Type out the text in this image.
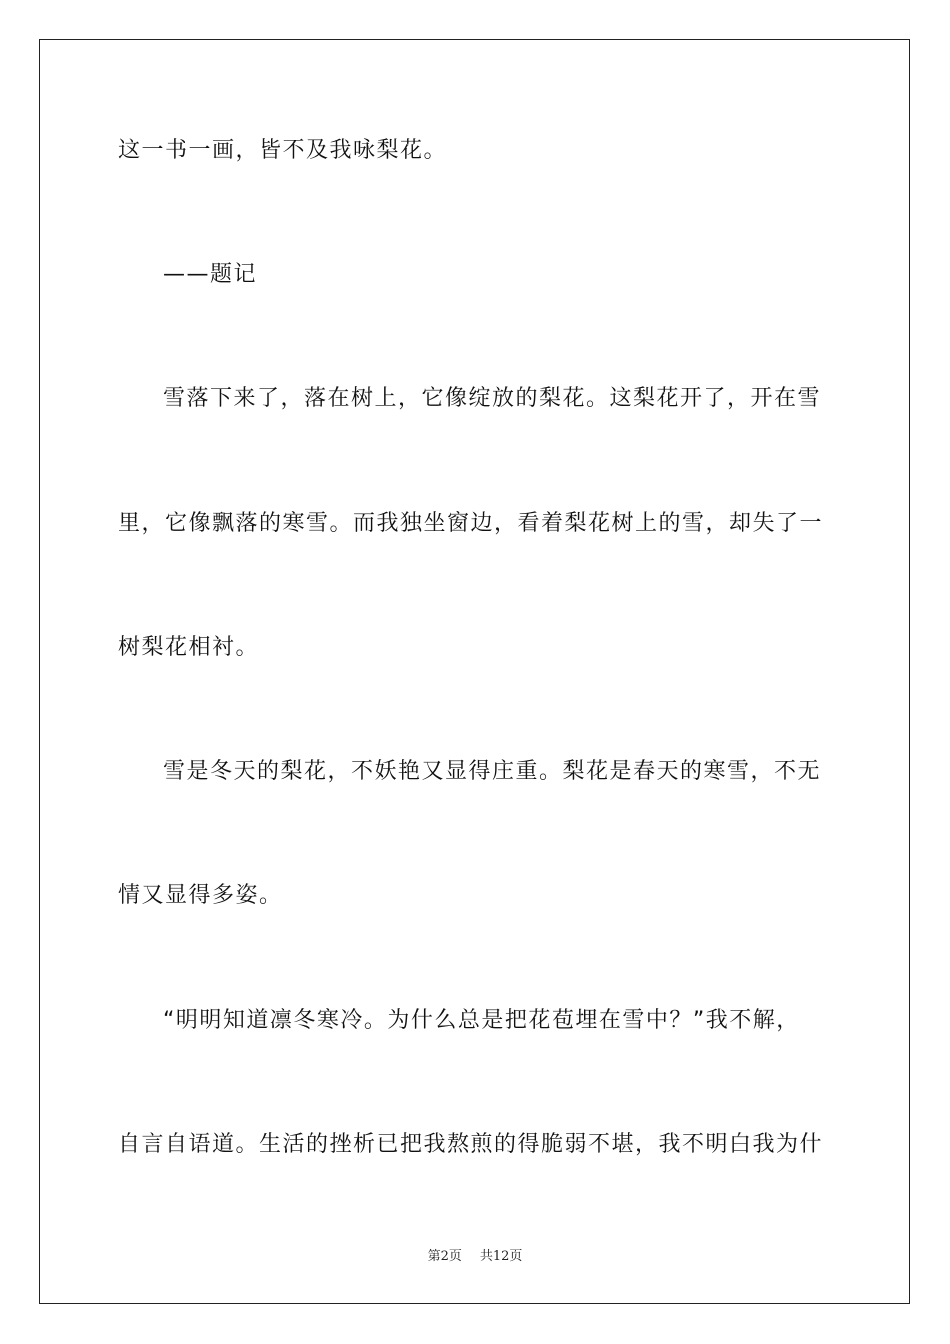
这一书一画，皆不及我咏梨花。
——题记
雪落下来了，落在树上，它像绽放的梨花。这梨花开了，开在雪
里，它像飘落的寒雪。而我独坐窗边，看着梨花树上的雪，却失了一
树梨花相衬。
雪是冬天的梨花，不妖艳又显得庄重。梨花是春天的寒雪，不无
情又显得多姿。
“明明知道凛冬寒冷。为什么总是把花苞埋在雪中？”我不解，
自言自语道。生活的挫析已把我熬煎的得脆弱不堪，我不明白我为什
第2页 共12页
